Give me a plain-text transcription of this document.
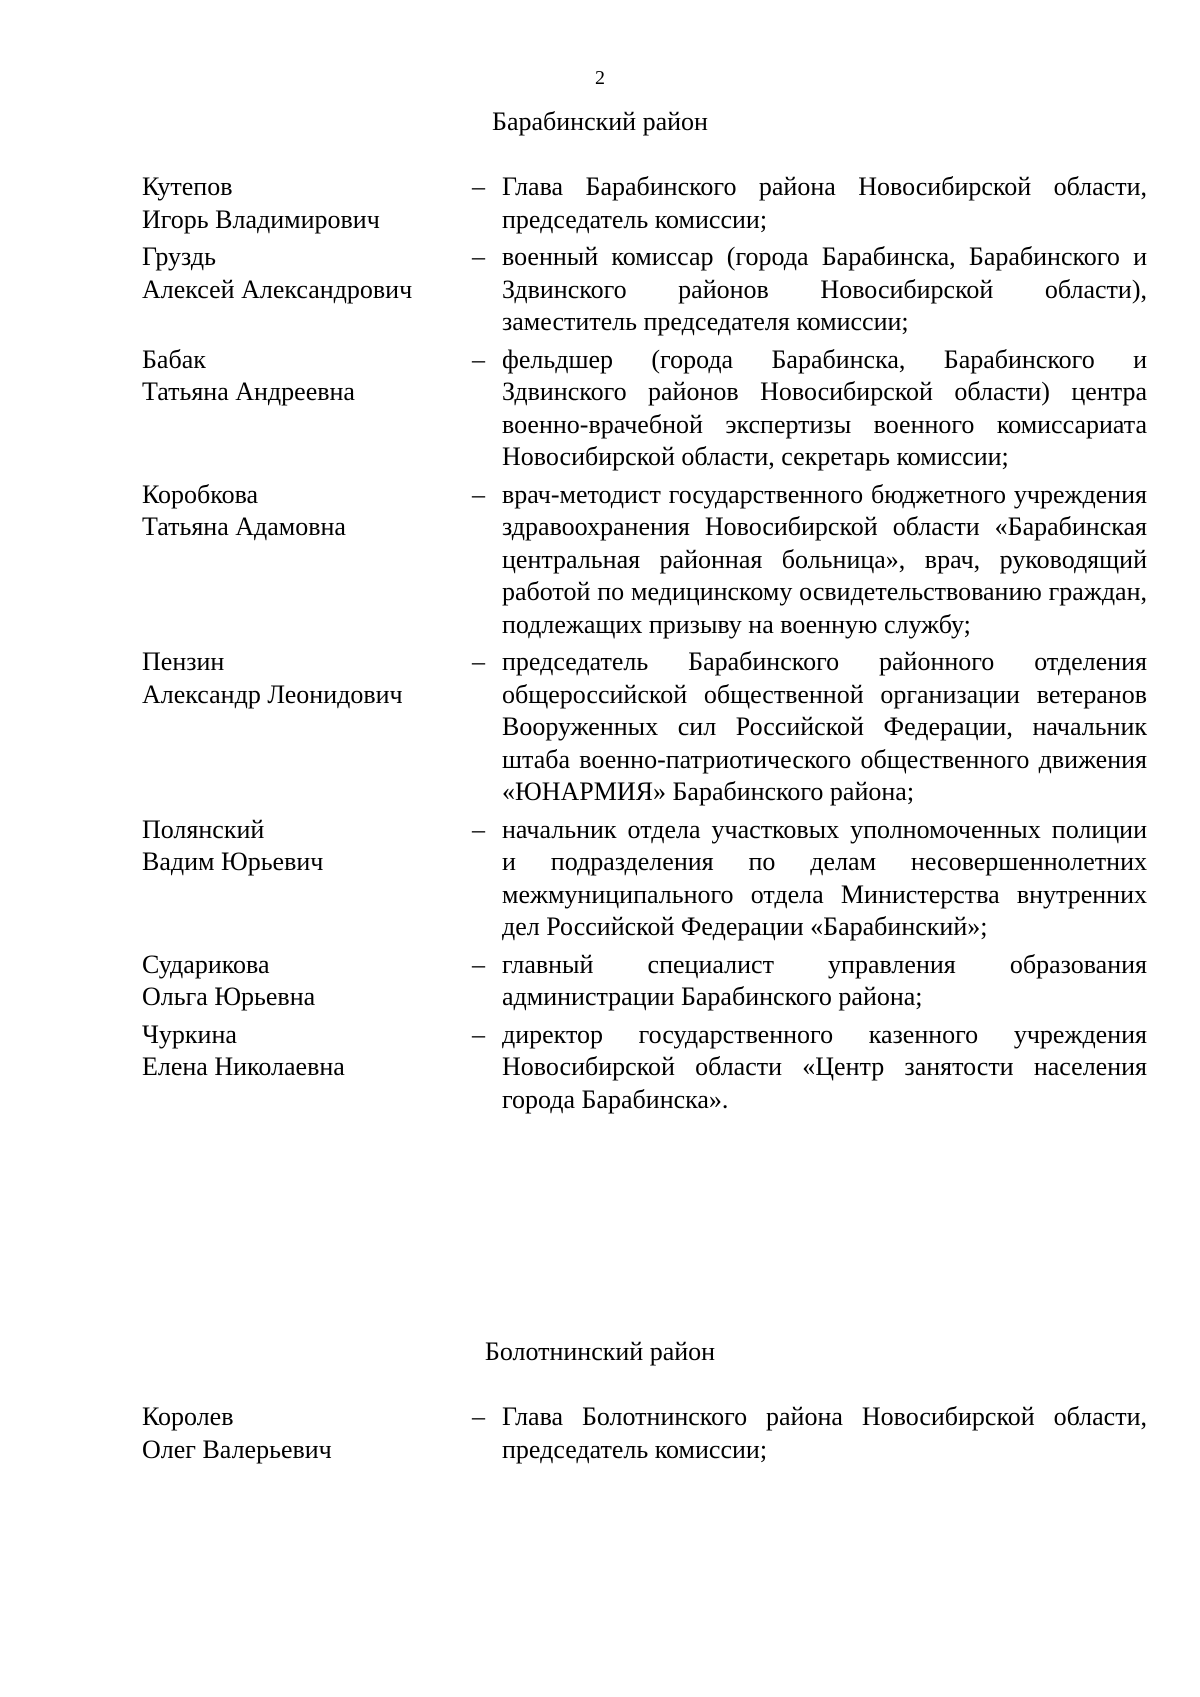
2
Барабинский район
Кутепов
Игорь Владимирович
– Глава Барабинского района Новосибирской области, председатель комиссии;
Груздь
Алексей Александрович
– военный комиссар (города Барабинска, Барабинского и Здвинского районов Новосибирской области), заместитель председателя комиссии;
Бабак
Татьяна Андреевна
– фельдшер (города Барабинска, Барабинского и Здвинского районов Новосибирской области) центра военно-врачебной экспертизы военного комиссариата Новосибирской области, секретарь комиссии;
Коробкова
Татьяна Адамовна
– врач-методист государственного бюджетного учреждения здравоохранения Новосибирской области «Барабинская центральная районная больница», врач, руководящий работой по медицинскому освидетельствованию граждан, подлежащих призыву на военную службу;
Пензин
Александр Леонидович
– председатель Барабинского районного отделения общероссийской общественной организации ветеранов Вооруженных сил Российской Федерации, начальник штаба военно-патриотического общественного движения «ЮНАРМИЯ» Барабинского района;
Полянский
Вадим Юрьевич
– начальник отдела участковых уполномоченных полиции и подразделения по делам несовершеннолетних межмуниципального отдела Министерства внутренних дел Российской Федерации «Барабинский»;
Сударикова
Ольга Юрьевна
– главный специалист управления образования администрации Барабинского района;
Чуркина
Елена Николаевна
– директор государственного казенного учреждения Новосибирской области «Центр занятости населения города Барабинска».
Болотнинский район
Королев
Олег Валерьевич
– Глава Болотнинского района Новосибирской области, председатель комиссии;
